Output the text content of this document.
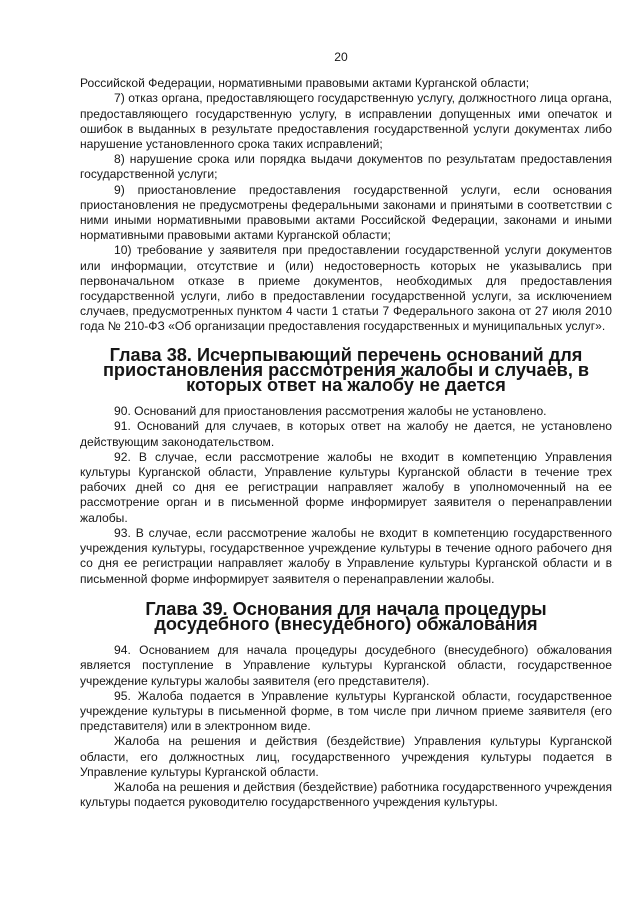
20

Российской Федерации, нормативными правовыми актами Курганской области;

7) отказ органа, предоставляющего государственную услугу, должностного лица органа, предоставляющего государственную услугу, в исправлении допущенных ими опечаток и ошибок в выданных в результате предоставления государственной услуги документах либо нарушение установленного срока таких исправлений;

8) нарушение срока или порядка выдачи документов по результатам предоставления государственной услуги;

9) приостановление предоставления государственной услуги, если основания приостановления не предусмотрены федеральными законами и принятыми в соответствии с ними иными нормативными правовыми актами Российской Федерации, законами и иными нормативными правовыми актами Курганской области;

10) требование у заявителя при предоставлении государственной услуги документов или информации, отсутствие и (или) недостоверность которых не указывались при первоначальном отказе в приеме документов, необходимых для предоставления государственной услуги, либо в предоставлении государственной услуги, за исключением случаев, предусмотренных пунктом 4 части 1 статьи 7 Федерального закона от 27 июля 2010 года № 210-ФЗ «Об организации предоставления государственных и муниципальных услуг».

Глава 38. Исчерпывающий перечень оснований для приостановления рассмотрения жалобы и случаев, в которых ответ на жалобу не дается

90. Оснований для приостановления рассмотрения жалобы не установлено.

91. Оснований для случаев, в которых ответ на жалобу не дается, не установлено действующим законодательством.

92. В случае, если рассмотрение жалобы не входит в компетенцию Управления культуры Курганской области, Управление культуры Курганской области в течение трех рабочих дней со дня ее регистрации направляет жалобу в уполномоченный на ее рассмотрение орган и в письменной форме информирует заявителя о перенаправлении жалобы.

93. В случае, если рассмотрение жалобы не входит в компетенцию государственного учреждения культуры, государственное учреждение культуры в течение одного рабочего дня со дня ее регистрации направляет жалобу в Управление культуры Курганской области и в письменной форме информирует заявителя о перенаправлении жалобы.

Глава 39. Основания для начала процедуры досудебного (внесудебного) обжалования

94. Основанием для начала процедуры досудебного (внесудебного) обжалования является поступление в Управление культуры Курганской области, государственное учреждение культуры жалобы заявителя (его представителя).

95. Жалоба подается в Управление культуры Курганской области, государственное учреждение культуры в письменной форме, в том числе при личном приеме заявителя (его представителя) или в электронном виде.

Жалоба на решения и действия (бездействие) Управления культуры Курганской области, его должностных лиц, государственного учреждения культуры подается в Управление культуры Курганской области.

Жалоба на решения и действия (бездействие) работника государственного учреждения культуры подается руководителю государственного учреждения культуры.
